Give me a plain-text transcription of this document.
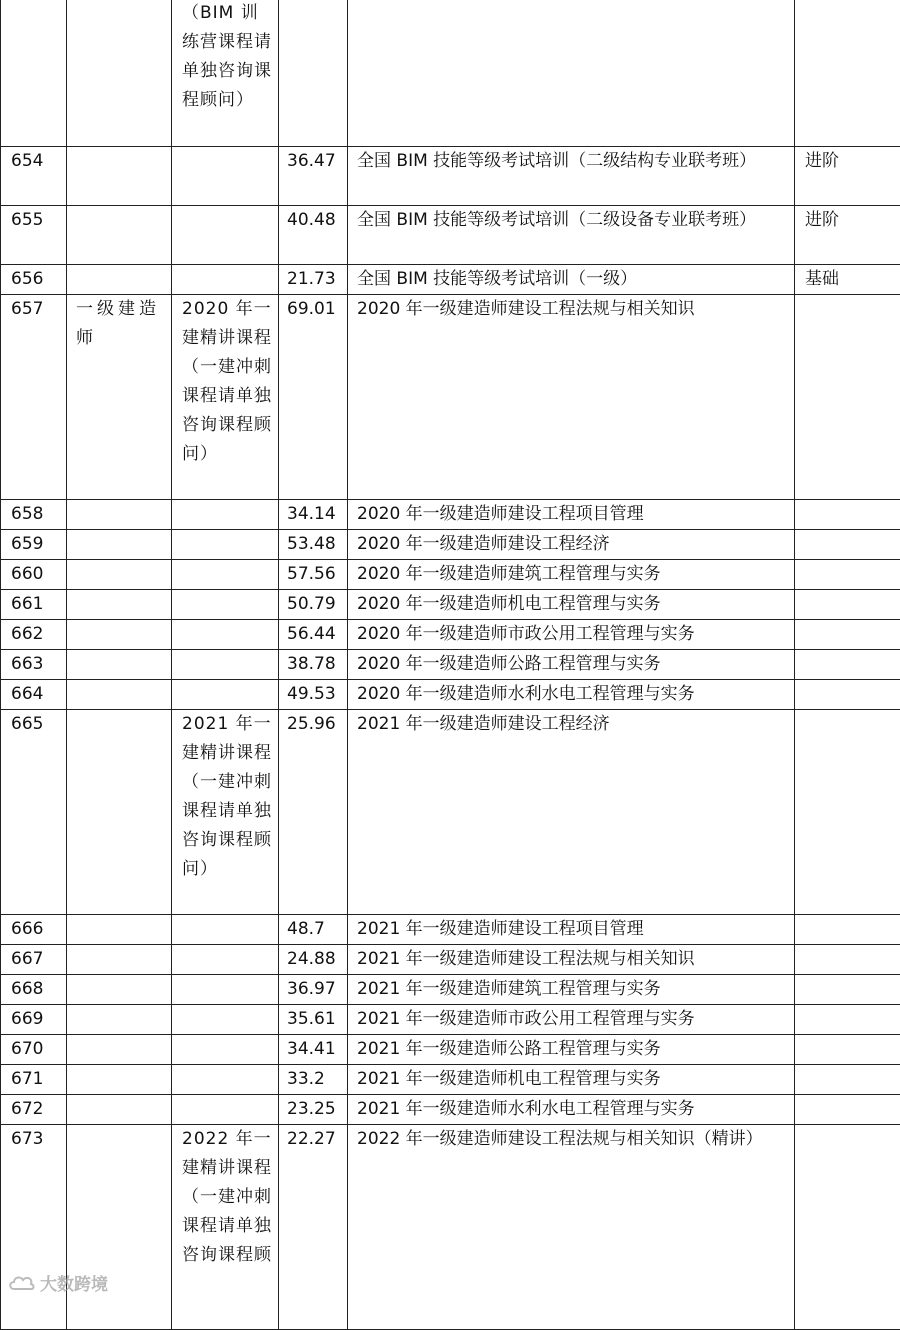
		（BIM 训练营课程请单独咨询课程顾问）			
654			36.47	全国 BIM 技能等级考试培训（二级结构专业联考班）	进阶
655			40.48	全国 BIM 技能等级考试培训（二级设备专业联考班）	进阶
656			21.73	全国 BIM 技能等级考试培训（一级）	基础
657	一级建造师	2020 年一建精讲课程（一建冲刺课程请单独咨询课程顾问）	69.01	2020 年一级建造师建设工程法规与相关知识	
658			34.14	2020 年一级建造师建设工程项目管理	
659			53.48	2020 年一级建造师建设工程经济	
660			57.56	2020 年一级建造师建筑工程管理与实务	
661			50.79	2020 年一级建造师机电工程管理与实务	
662			56.44	2020 年一级建造师市政公用工程管理与实务	
663			38.78	2020 年一级建造师公路工程管理与实务	
664			49.53	2020 年一级建造师水利水电工程管理与实务	
665		2021 年一建精讲课程（一建冲刺课程请单独咨询课程顾问）	25.96	2021 年一级建造师建设工程经济	
666			48.7	2021 年一级建造师建设工程项目管理	
667			24.88	2021 年一级建造师建设工程法规与相关知识	
668			36.97	2021 年一级建造师建筑工程管理与实务	
669			35.61	2021 年一级建造师市政公用工程管理与实务	
670			34.41	2021 年一级建造师公路工程管理与实务	
671			33.2	2021 年一级建造师机电工程管理与实务	
672			23.25	2021 年一级建造师水利水电工程管理与实务	
673		2022 年一建精讲课程（一建冲刺课程请单独咨询课程顾	22.27	2022 年一级建造师建设工程法规与相关知识（精讲）	
大数跨境
